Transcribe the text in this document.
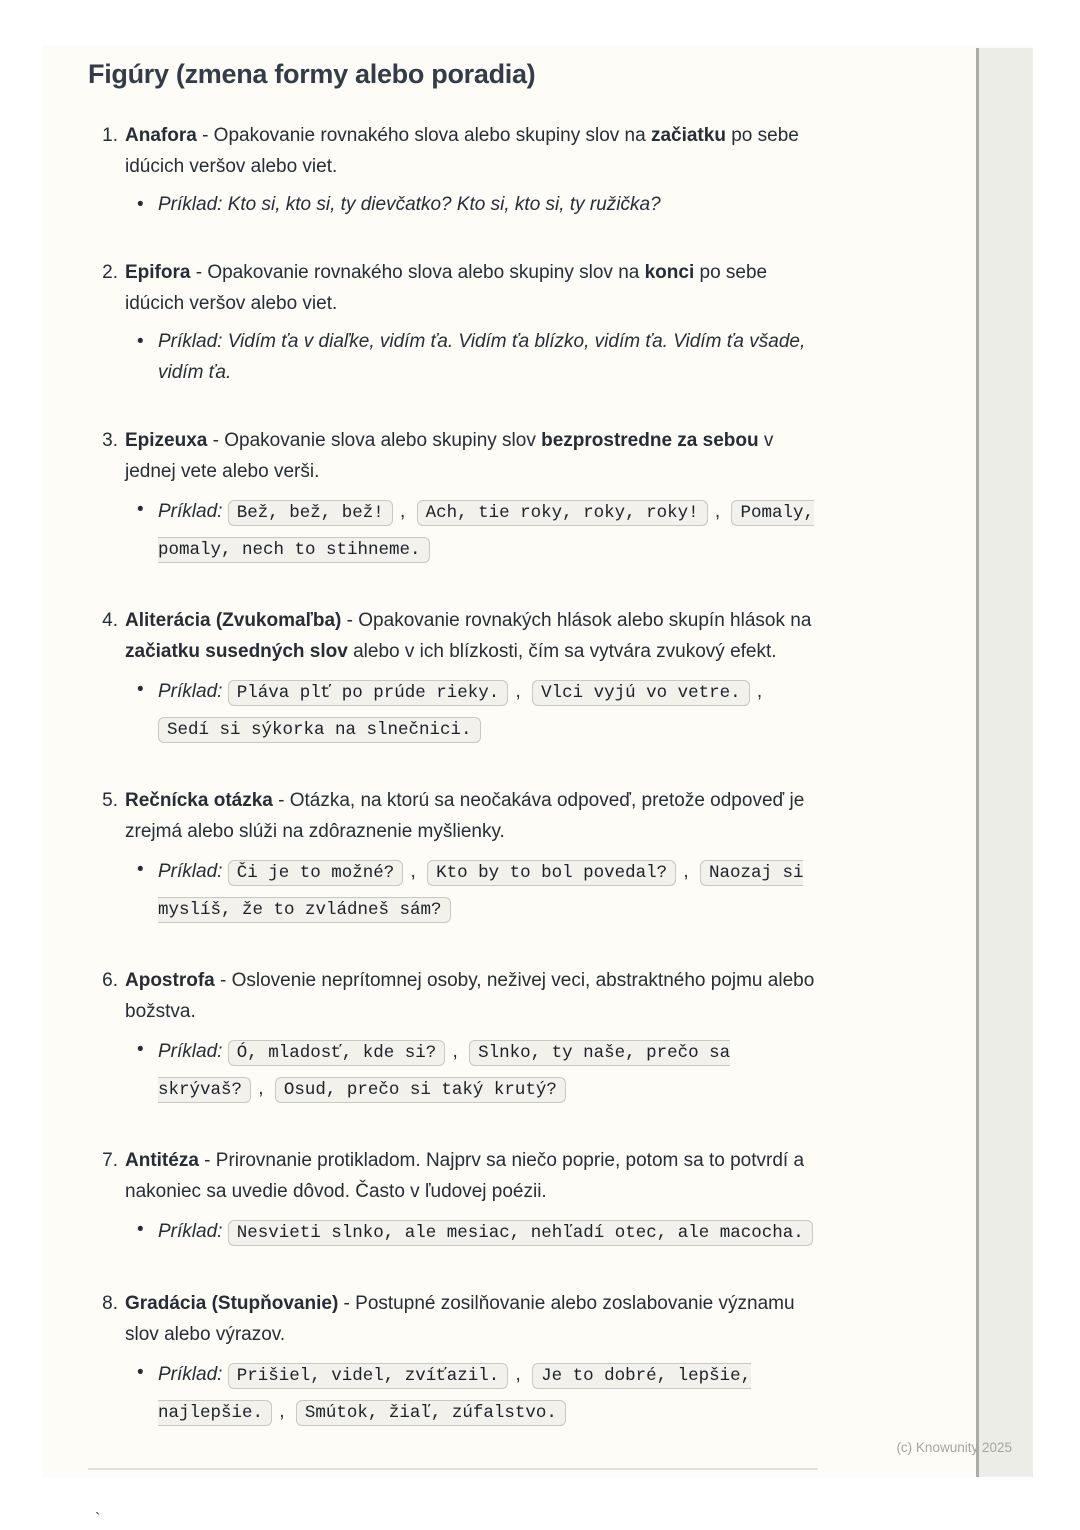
Figúry (zmena formy alebo poradia)
1. Anafora - Opakovanie rovnakého slova alebo skupiny slov na začiatku po sebe idúcich veršov alebo viet.
• Príklad: Kto si, kto si, ty dievčatko? Kto si, kto si, ty ružička?
2. Epifora - Opakovanie rovnakého slova alebo skupiny slov na konci po sebe idúcich veršov alebo viet.
• Príklad: Vidím ťa v diaľke, vidím ťa. Vidím ťa blízko, vidím ťa. Vidím ťa všade, vidím ťa.
3. Epizeuxa - Opakovanie slova alebo skupiny slov bezprostredne za sebou v jednej vete alebo verši.
• Príklad: Bež, bež, bež! , Ach, tie roky, roky, roky! , Pomaly, pomaly, nech to stihneme.
4. Aliterácia (Zvukomaľba) - Opakovanie rovnakých hlások alebo skupín hlások na začiatku susedných slov alebo v ich blízkosti, čím sa vytvára zvukový efekt.
• Príklad: Pláva plť po prúde rieky. , Vlci vyjú vo vetre. , Sedí si sýkorka na slnečnici.
5. Rečnícka otázka - Otázka, na ktorú sa neočakáva odpoveď, pretože odpoveď je zrejmá alebo slúži na zdôraznenie myšlienky.
• Príklad: Či je to možné? , Kto by to bol povedal? , Naozaj si myslíš, že to zvládneš sám?
6. Apostrofa - Oslovenie neprítomnej osoby, neživej veci, abstraktného pojmu alebo božstva.
• Príklad: Ó, mladosť, kde si? , Slnko, ty naše, prečo sa skrývaš? , Osud, prečo si taký krutý?
7. Antitéza - Prirovnanie protikladom. Najprv sa niečo poprie, potom sa to potvrdí a nakoniec sa uvedie dôvod. Často v ľudovej poézii.
• Príklad: Nesvieti slnko, ale mesiac, nehľadí otec, ale macocha.
8. Gradácia (Stupňovanie) - Postupné zosilňovanie alebo zoslabovanie významu slov alebo výrazov.
• Príklad: Prišiel, videl, zvíťazil. , Je to dobré, lepšie, najlepšie. , Smútok, žiaľ, zúfalstvo.
`
(c) Knowunity 2025
